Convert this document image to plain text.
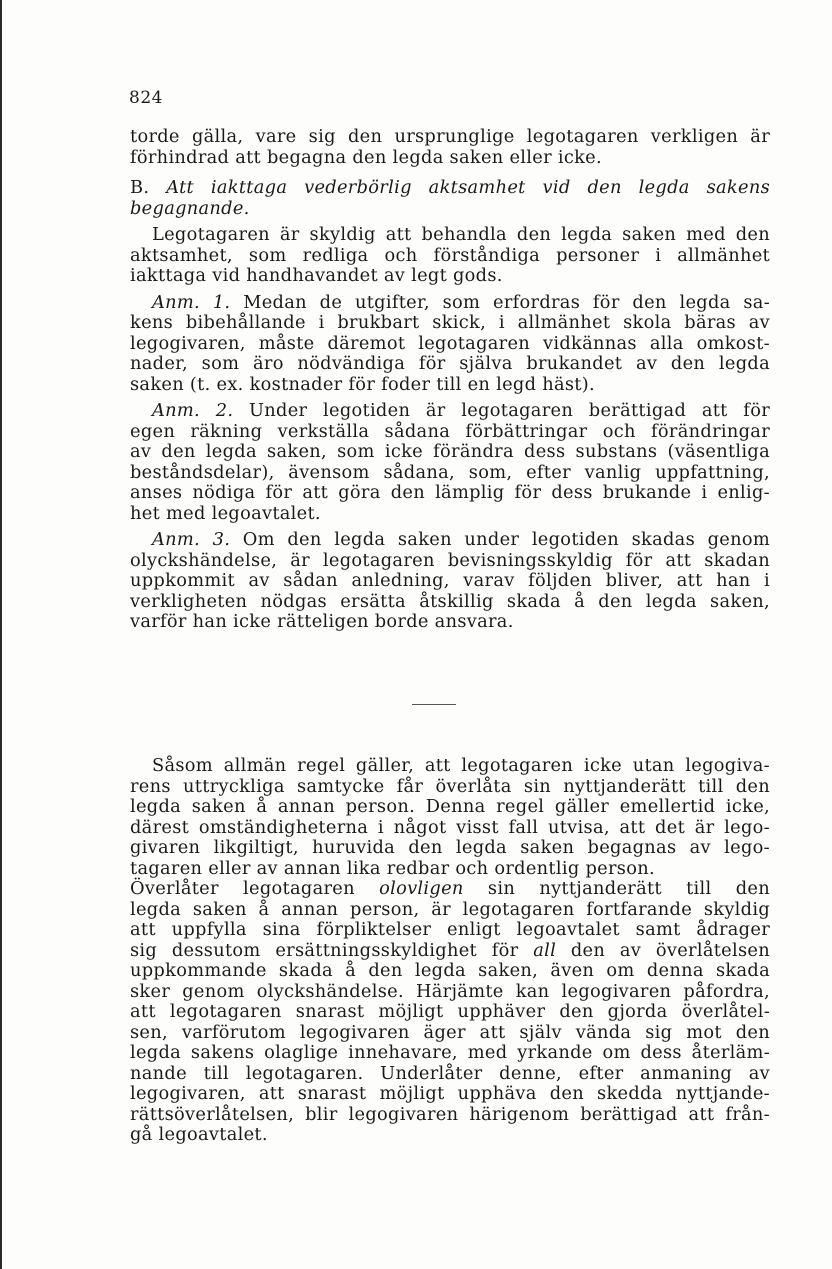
824

torde gälla, vare sig den ursprunglige legotagaren verkligen är
förhindrad att begagna den legda saken eller icke.

B. Att iakttaga vederbörlig aktsamhet vid den legda sakens
begagnande.

Legotagaren är skyldig att behandla den legda saken med den
aktsamhet, som redliga och förståndiga personer i allmänhet
iakttaga vid handhavandet av legt gods.

Anm. 1. Medan de utgifter, som erfordras för den legda sa-
kens bibehållande i brukbart skick, i allmänhet skola bäras av
legogivaren, måste däremot legotagaren vidkännas alla omkost-
nader, som äro nödvändiga för själva brukandet av den legda
saken (t. ex. kostnader för foder till en legd häst).

Anm. 2. Under legotiden är legotagaren berättigad att för
egen räkning verkställa sådana förbättringar och förändringar
av den legda saken, som icke förändra dess substans (väsentliga
beståndsdelar), ävensom sådana, som, efter vanlig uppfattning,
anses nödiga för att göra den lämplig för dess brukande i enlig-
het med legoavtalet.

Anm. 3. Om den legda saken under legotiden skadas genom
olyckshändelse, är legotagaren bevisningsskyldig för att skadan
uppkommit av sådan anledning, varav följden bliver, att han i
verkligheten nödgas ersätta åtskillig skada å den legda saken,
varför han icke rätteligen borde ansvara.

Såsom allmän regel gäller, att legotagaren icke utan legogiva-
rens uttryckliga samtycke får överlåta sin nyttjanderätt till den
legda saken å annan person. Denna regel gäller emellertid icke,
därest omständigheterna i något visst fall utvisa, att det är lego-
givaren likgiltigt, huruvida den legda saken begagnas av lego-
tagaren eller av annan lika redbar och ordentlig person.

Överlåter legotagaren olovligen sin nyttjanderätt till den
legda saken å annan person, är legotagaren fortfarande skyldig
att uppfylla sina förpliktelser enligt legoavtalet samt ådrager
sig dessutom ersättningsskyldighet för all den av överlåtelsen
uppkommande skada å den legda saken, även om denna skada
sker genom olyckshändelse. Härjämte kan legogivaren påfordra,
att legotagaren snarast möjligt upphäver den gjorda överlåtel-
sen, varförutom legogivaren äger att själv vända sig mot den
legda sakens olaglige innehavare, med yrkande om dess återläm-
nande till legotagaren. Underlåter denne, efter anmaning av
legogivaren, att snarast möjligt upphäva den skedda nyttjande-
rättsöverlåtelsen, blir legogivaren härigenom berättigad att från-
gå legoavtalet.
